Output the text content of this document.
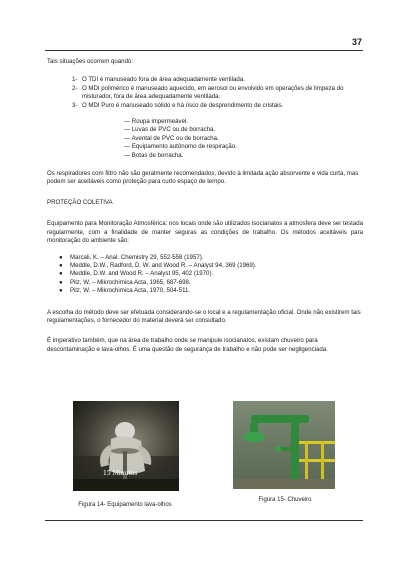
37

Tais situações ocorrem quando:

1- O TDI é manuseado fora de área adequadamente ventilada.
2- O MDI polimérico é manuseado aquecido, em aerosol ou envolvido em operações de limpeza do misturador, fora de área adequadamente ventilada.
3- O MDI Puro é manuseado sólido e há risco de desprendimento de cristais.
— Roupa impermeável.
— Luvas de PVC ou de borracha.
— Avental de PVC ou de borracha.
— Equipamento autônomo de respiração.
— Botas de borracha.

Os respiradores com filtro não são geralmente recomendados, devido à limitada ação absorvente e vida curta, mas podem ser aceitáveis como proteção para curto espaço de tempo.

PROTEÇÃO COLETIVA

Equipamento para Monitoração Atmosférica: nos locais onde são utilizados isocianatos a atmosfera deve ser testada regularmente, com a finalidade de manter seguras as condições de trabalho. Os métodos aceitáveis para monitoração do ambiente são:

●	Marcali, K. – Anal. Chemistry 29, 552-558 (1957).
●	Meddle, D.W., Radford, D. W. and Wood R. – Analyst 94, 369 (1969).
●	Meddle, D.W. and Wood R. – Analyst 95, 402 (1970).
●	Pilz, W. – Mikrochimica Acta, 1965, 687-698.
●	Pilz, W. – Mikrochimica Acta, 1970, 504-511.

A escolha do método deve ser efetuada considerando-se o local e a regulamentação oficial. Onde não existirem tais regulamentações, o fornecedor do material deverá ser consultado.

É imperativo também, que na área de trabalho onde se manipule isocianatos, existam chuveiro para descontaminação e lava-olhos. É uma questão de segurança de trabalho e não pode ser negligenciada.

15 Minutos
Figura 14- Equipamento lava-olhos
Figura 15- Chuveiro
